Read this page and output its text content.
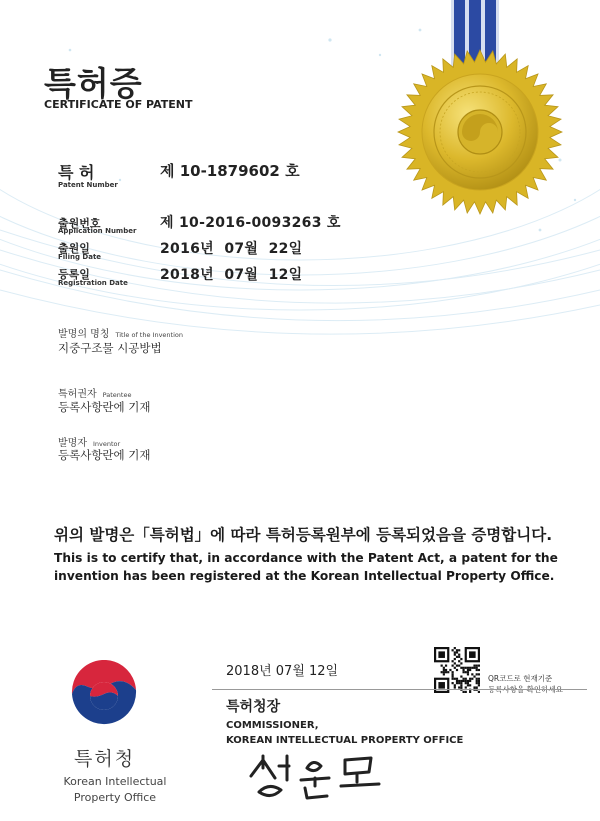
특허증
CERTIFICATE OF PATENT
특 허
Patent Number
제 10-1879602 호
출원번호
Application Number 제 10-2016-0093263 호
출원일
Filing Date	2016년  07월  22일
등록일
Registration Date 2018년  07월  12일
발명의 명칭 Title of the Invention
지중구조물 시공방법
특허권자 Patentee
등록사항란에 기재
발명자 Inventor
등록사항란에 기재
위의 발명은「특허법」에 따라 특허등록원부에 등록되었음을 증명합니다.
This is to certify that, in accordance with the Patent Act, a patent for the invention has been registered at the Korean Intellectual Property Office.
2018년 07월 12일	QR코드로 현재기준
특허청장
COMMISSIONER,
KOREAN INTELLECTUAL PROPERTY OFFICE
특허청
Korean Intellectual
Property Office
